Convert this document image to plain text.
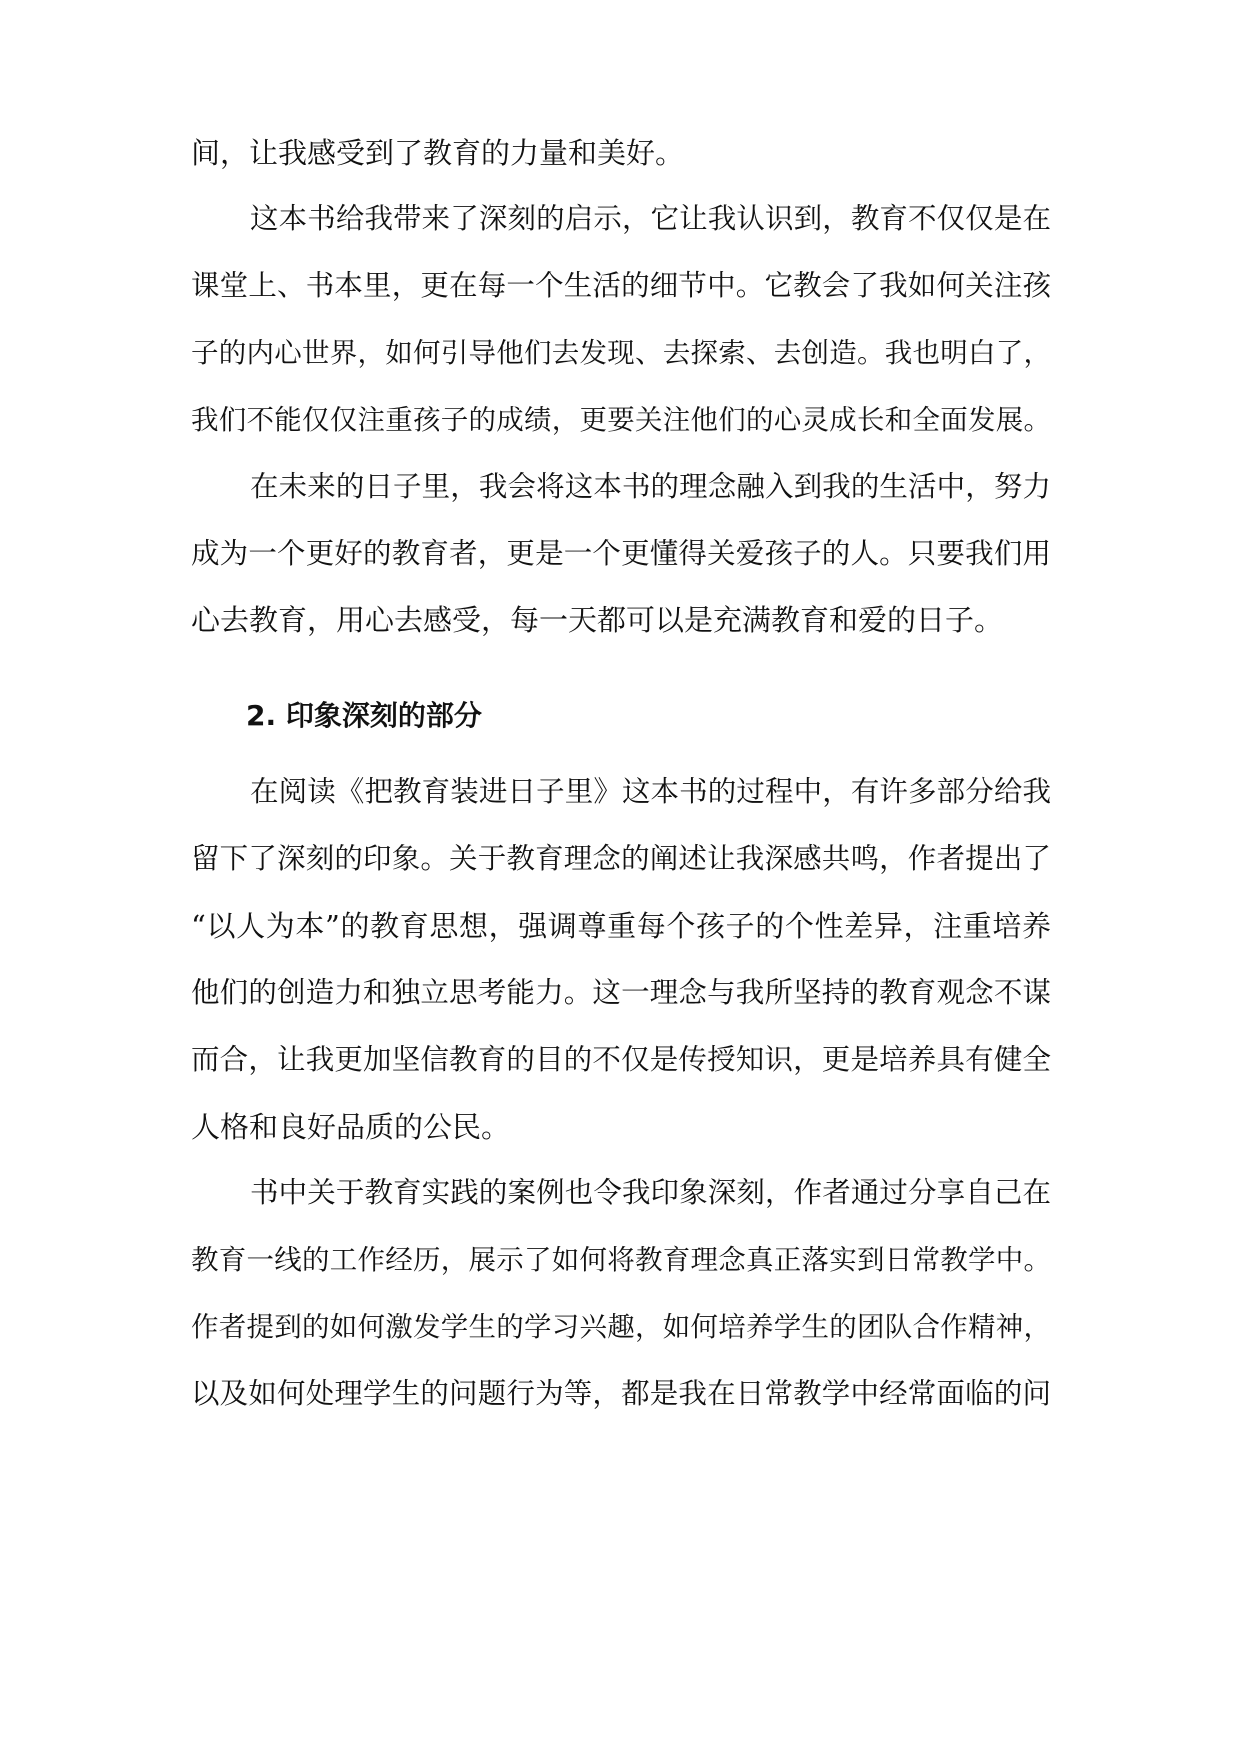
间，让我感受到了教育的力量和美好。
这本书给我带来了深刻的启示，它让我认识到，教育不仅仅是在
课堂上、书本里，更在每一个生活的细节中。它教会了我如何关注孩
子的内心世界，如何引导他们去发现、去探索、去创造。我也明白了，
我们不能仅仅注重孩子的成绩，更要关注他们的心灵成长和全面发展。
在未来的日子里，我会将这本书的理念融入到我的生活中，努力
成为一个更好的教育者，更是一个更懂得关爱孩子的人。只要我们用
心去教育，用心去感受，每一天都可以是充满教育和爱的日子。
2. 印象深刻的部分
在阅读《把教育装进日子里》这本书的过程中，有许多部分给我
留下了深刻的印象。关于教育理念的阐述让我深感共鸣，作者提出了
“以人为本”的教育思想，强调尊重每个孩子的个性差异，注重培养
他们的创造力和独立思考能力。这一理念与我所坚持的教育观念不谋
而合，让我更加坚信教育的目的不仅是传授知识，更是培养具有健全
人格和良好品质的公民。
书中关于教育实践的案例也令我印象深刻，作者通过分享自己在
教育一线的工作经历，展示了如何将教育理念真正落实到日常教学中。
作者提到的如何激发学生的学习兴趣，如何培养学生的团队合作精神，
以及如何处理学生的问题行为等，都是我在日常教学中经常面临的问
